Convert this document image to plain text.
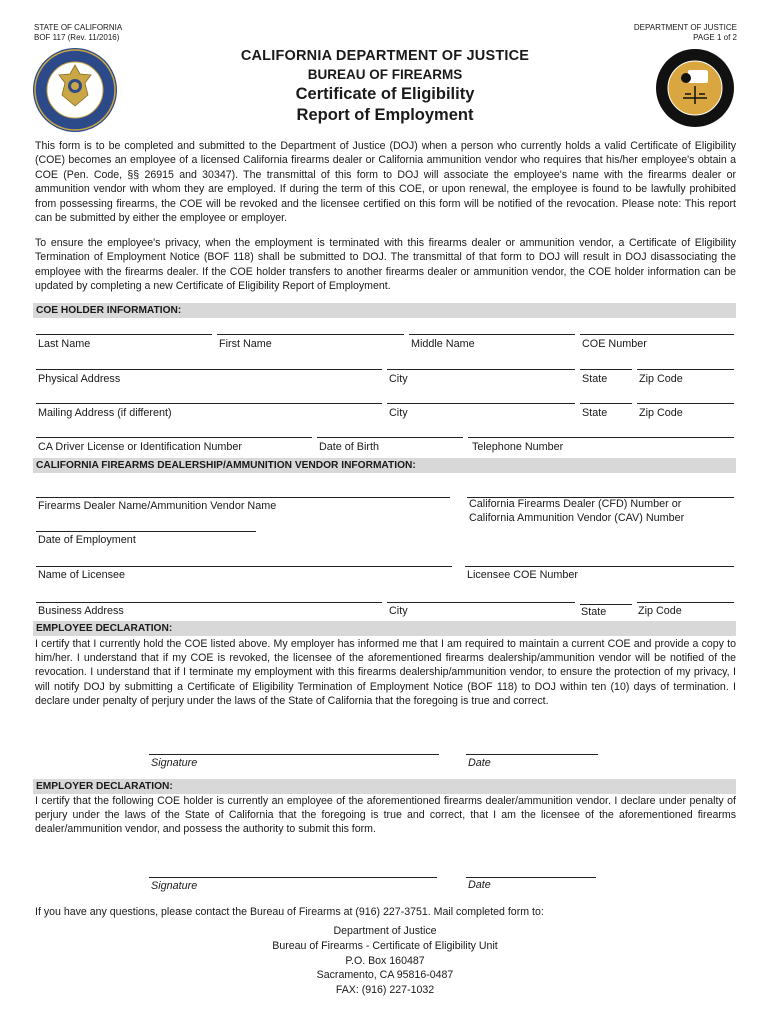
STATE OF CALIFORNIA
BOF 117 (Rev. 11/2016)
DEPARTMENT OF JUSTICE
PAGE 1 of 2
CALIFORNIA DEPARTMENT OF JUSTICE
BUREAU OF FIREARMS
Certificate of Eligibility
Report of Employment
This form is to be completed and submitted to the Department of Justice (DOJ) when a person who currently holds a valid Certificate of Eligibility (COE) becomes an employee of a licensed California firearms dealer or California ammunition vendor who requires that his/her employee's obtain a COE (Pen. Code, §§ 26915 and 30347). The transmittal of this form to DOJ will associate the employee's name with the firearms dealer or ammunition vendor with whom they are employed. If during the term of this COE, or upon renewal, the employee is found to be lawfully prohibited from possessing firearms, the COE will be revoked and the licensee certified on this form will be notified of the revocation. Please note: This report can be submitted by either the employee or employer.
To ensure the employee's privacy, when the employment is terminated with this firearms dealer or ammunition vendor, a Certificate of Eligibility Termination of Employment Notice (BOF 118) shall be submitted to DOJ. The transmittal of that form to DOJ will result in DOJ disassociating the employee with the firearms dealer. If the COE holder transfers to another firearms dealer or ammunition vendor, the COE holder information can be updated by completing a new Certificate of Eligibility Report of Employment.
COE HOLDER INFORMATION:
Last Name	First Name	Middle Name	COE Number
Physical Address	City	State	Zip Code
Mailing Address (if different)	City	State	Zip Code
CA Driver License or Identification Number	Date of Birth	Telephone Number
CALIFORNIA FIREARMS DEALERSHIP/AMMUNITION VENDOR INFORMATION:
Firearms Dealer Name/Ammunition Vendor Name	California Firearms Dealer (CFD) Number or
California Ammunition Vendor (CAV) Number
Date of Employment
Name of Licensee	Licensee COE Number
Business Address	City	State	Zip Code
EMPLOYEE DECLARATION:
I certify that I currently hold the COE listed above. My employer has informed me that I am required to maintain a current COE and provide a copy to him/her. I understand that if my COE is revoked, the licensee of the aforementioned firearms dealership/ammunition vendor will be notified of the revocation. I understand that if I terminate my employment with this firearms dealership/ammunition vendor, to ensure the protection of my privacy, I will notify DOJ by submitting a Certificate of Eligibility Termination of Employment Notice (BOF 118) to DOJ within ten (10) days of termination. I declare under penalty of perjury under the laws of the State of California that the foregoing is true and correct.
Signature	Date
EMPLOYER DECLARATION:
I certify that the following COE holder is currently an employee of the aforementioned firearms dealer/ammunition vendor. I declare under penalty of perjury under the laws of the State of California that the foregoing is true and correct, that I am the licensee of the aforementioned firearms dealer/ammunition vendor, and possess the authority to submit this form.
Signature	Date
If you have any questions, please contact the Bureau of Firearms at (916) 227-3751. Mail completed form to:
Department of Justice
Bureau of Firearms - Certificate of Eligibility Unit
P.O. Box 160487
Sacramento, CA 95816-0487
FAX: (916) 227-1032
